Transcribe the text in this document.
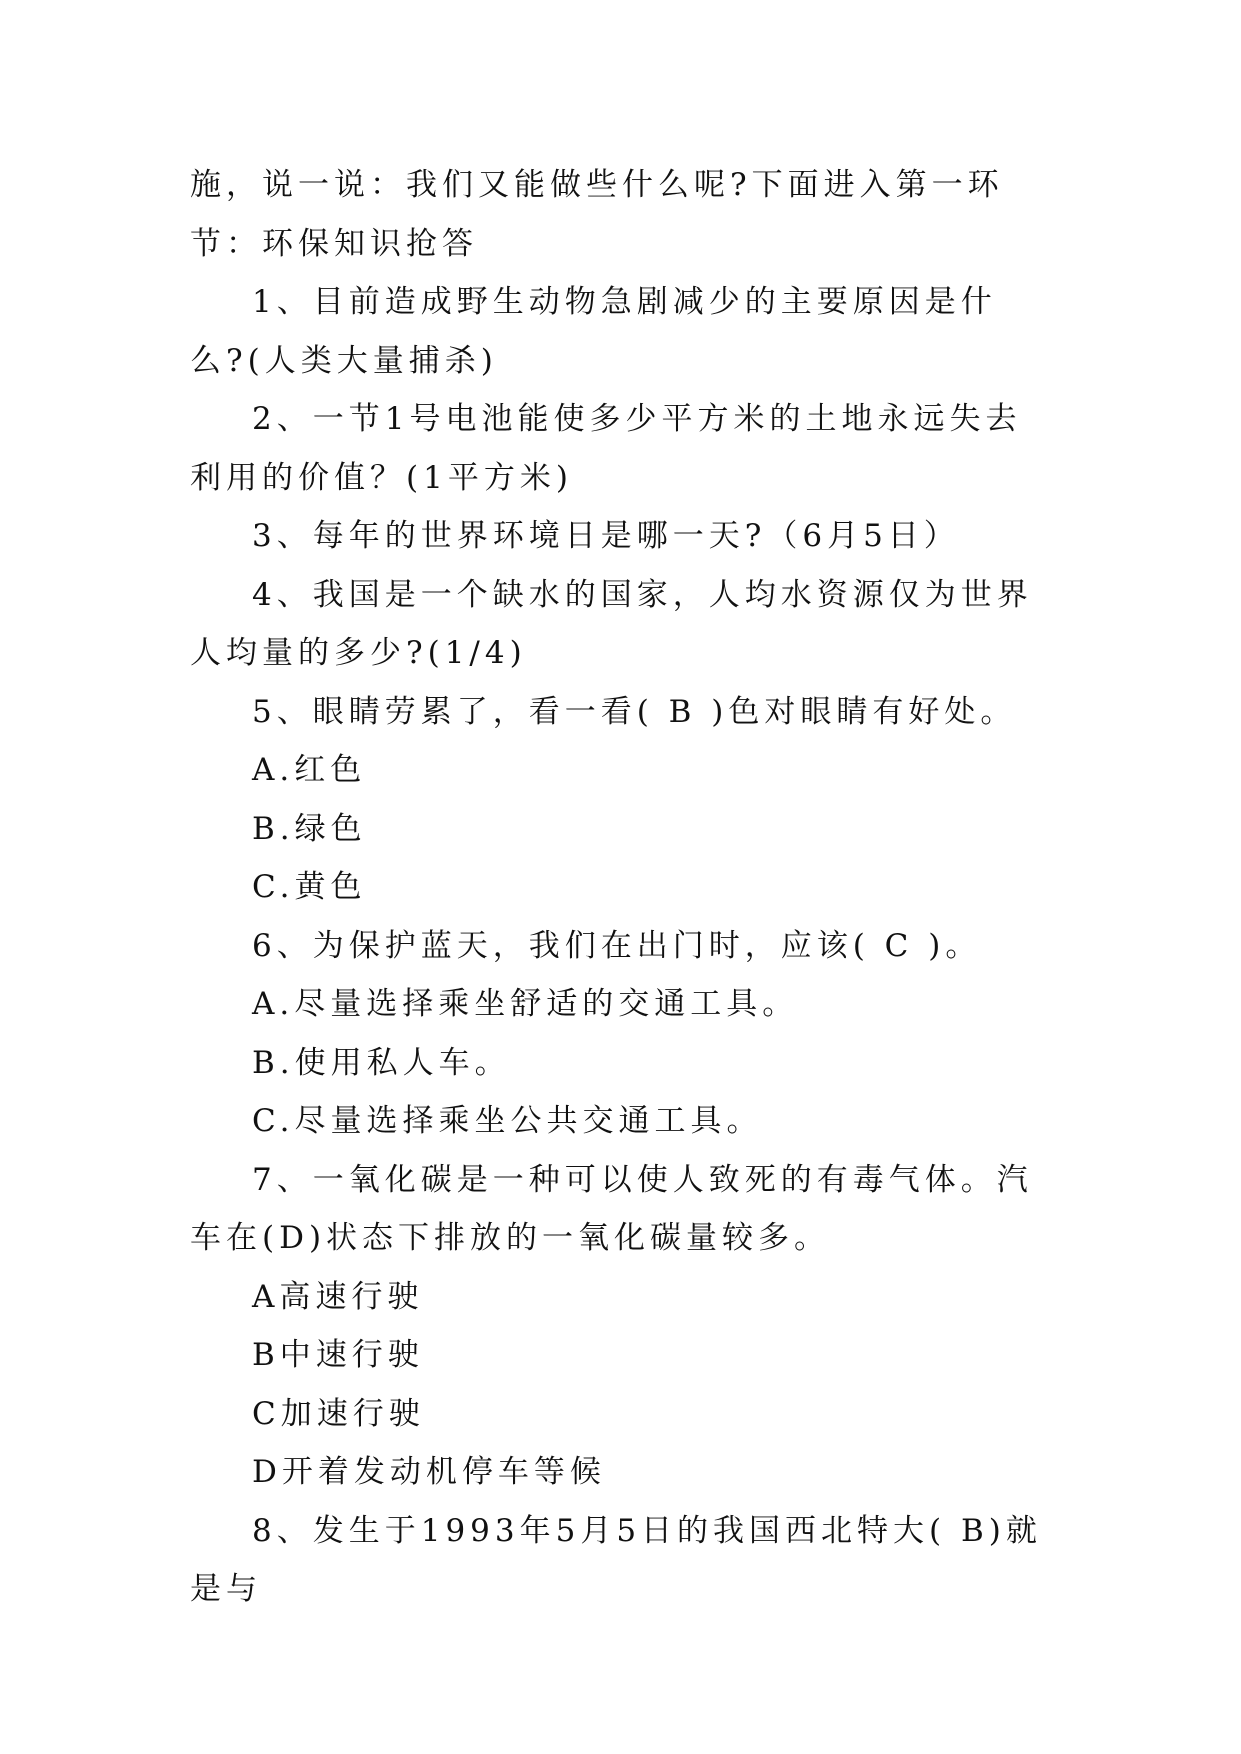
施，说一说：我们又能做些什么呢?下面进入第一环节：环保知识抢答

1、目前造成野生动物急剧减少的主要原因是什么?(人类大量捕杀)

2、一节1号电池能使多少平方米的土地永远失去利用的价值？(1平方米)

3、每年的世界环境日是哪一天?（6月5日）

4、我国是一个缺水的国家，人均水资源仅为世界人均量的多少?(1/4)

5、眼睛劳累了，看一看( B )色对眼睛有好处。

A.红色

B.绿色

C.黄色

6、为保护蓝天，我们在出门时，应该( C )。

A.尽量选择乘坐舒适的交通工具。

B.使用私人车。

C.尽量选择乘坐公共交通工具。

7、一氧化碳是一种可以使人致死的有毒气体。汽车在(D)状态下排放的一氧化碳量较多。

A高速行驶

B中速行驶

C加速行驶

D开着发动机停车等候

8、发生于1993年5月5日的我国西北特大( B)就是与
